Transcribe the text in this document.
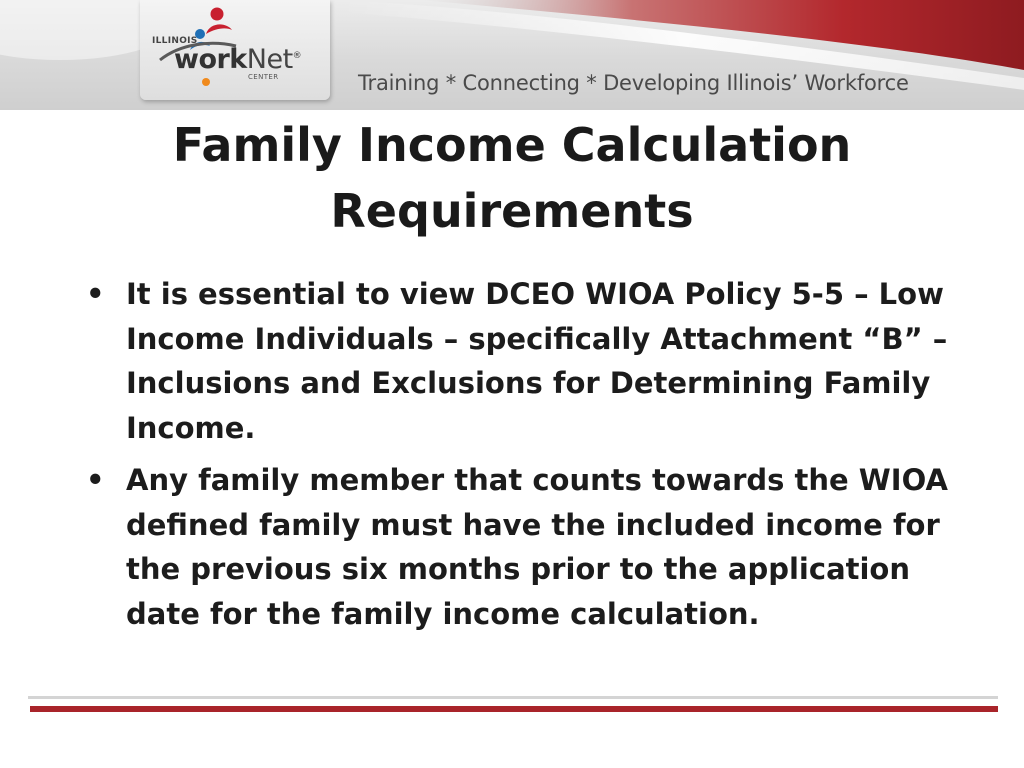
ILLINOIS
workNet®
CENTER	Training * Connecting * Developing Illinois’ Workforce
Family Income Calculation
Requirements
• It is essential to view DCEO WIOA Policy 5-5 – Low Income Individuals – specifically Attachment “B” – Inclusions and Exclusions for Determining Family Income.
• Any family member that counts towards the WIOA defined family must have the included income for the previous six months prior to the application date for the family income calculation.
